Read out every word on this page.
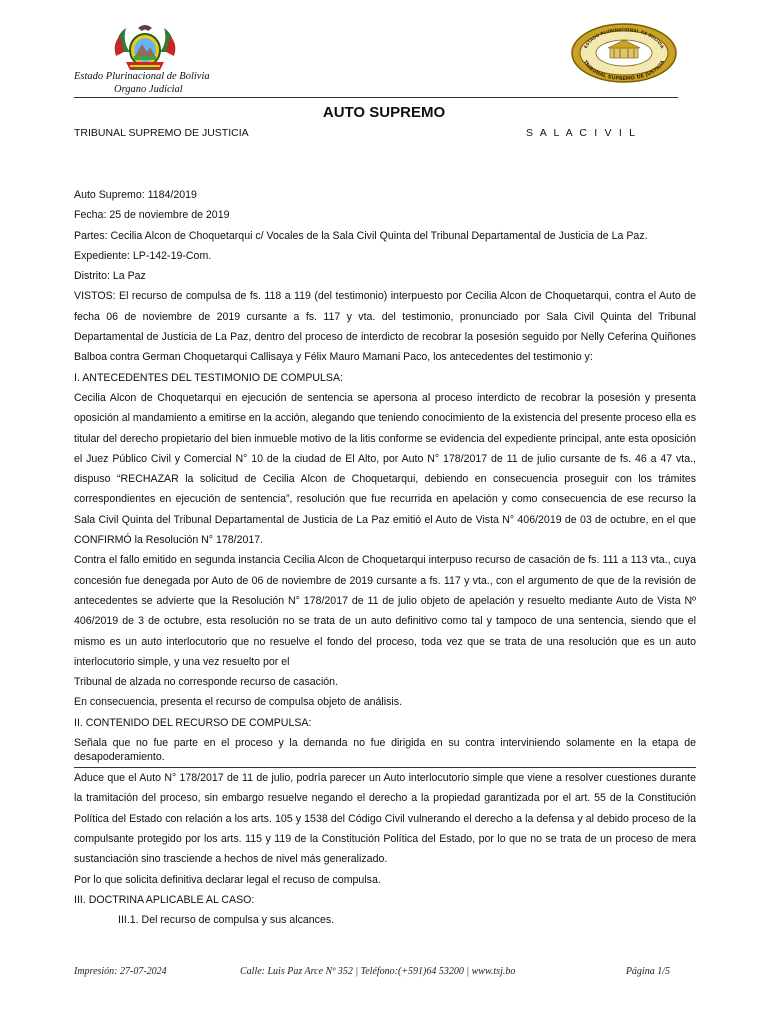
Estado Plurinacional de Bolivia
Organo Judicial
ESTADO PLURINACIONAL DE BOLIVIA
TRIBUNAL SUPREMO DE JUSTICIA
AUTO SUPREMO
TRIBUNAL SUPREMO DE JUSTICIA	S A L A C I V I L

Auto Supremo: 1184/2019

Fecha: 25 de noviembre de 2019

Partes: Cecilia Alcon de Choquetarqui c/ Vocales de la Sala Civil Quinta del Tribunal Departamental de Justicia de La Paz.

Expediente: LP-142-19-Com.

Distrito: La Paz

VISTOS: El recurso de compulsa de fs. 118 a 119 (del testimonio) interpuesto por Cecilia Alcon de Choquetarqui, contra el Auto de fecha 06 de noviembre de 2019 cursante a fs. 117 y vta. del testimonio, pronunciado por Sala Civil Quinta del Tribunal Departamental de Justicia de La Paz, dentro del proceso de interdicto de recobrar la posesión seguido por Nelly Ceferina Quiñones Balboa contra German Choquetarqui Callisaya y Félix Mauro Mamani Paco, los antecedentes del testimonio y:

I. ANTECEDENTES DEL TESTIMONIO DE COMPULSA:

Cecilia Alcon de Choquetarqui en ejecución de sentencia se apersona al proceso interdicto de recobrar la posesión y presenta oposición al mandamiento a emitirse en la acción, alegando que teniendo conocimiento de la existencia del presente proceso ella es titular del derecho propietario del bien inmueble motivo de la litis conforme se evidencia del expediente principal, ante esta oposición el Juez Público Civil y Comercial N° 10 de la ciudad de El Alto, por Auto N° 178/2017 de 11 de julio cursante de fs. 46 a 47 vta., dispuso “RECHAZAR la solicitud de Cecilia Alcon de Choquetarqui, debiendo en consecuencia proseguir con los trámites correspondientes en ejecución de sentencia”, resolución que fue recurrida en apelación y como consecuencia de ese recurso la Sala Civil Quinta del Tribunal Departamental de Justicia de La Paz emitió el Auto de Vista N° 406/2019 de 03 de octubre, en el que CONFIRMÓ la Resolución N° 178/2017.

Contra el fallo emitido en segunda instancia Cecilia Alcon de Choquetarqui interpuso recurso de casación de fs. 111 a 113 vta., cuya concesión fue denegada por Auto de 06 de noviembre de 2019 cursante a fs. 117 y vta., con el argumento de que de la revisión de antecedentes se advierte que la Resolución N° 178/2017 de 11 de julio objeto de apelación y resuelto mediante Auto de Vista Nº 406/2019 de 3 de octubre, esta resolución no se trata de un auto definitivo como tal y tampoco de una sentencia, siendo que el mismo es un auto interlocutorio que no resuelve el fondo del proceso, toda vez que se trata de una resolución que es un auto interlocutorio simple, y una vez resuelto por el

Tribunal de alzada no corresponde recurso de casación.

En consecuencia, presenta el recurso de compulsa objeto de análisis.

II. CONTENIDO DEL RECURSO DE COMPULSA:

Señala que no fue parte en el proceso y la demanda no fue dirigida en su contra interviniendo solamente en la etapa de desapoderamiento.

Aduce que el Auto N° 178/2017 de 11 de julio, podría parecer un Auto interlocutorio simple que viene a resolver cuestiones durante la tramitación del proceso, sin embargo resuelve negando el derecho a la propiedad garantizada por el art. 55 de la Constitución Política del Estado con relación a los arts. 105 y 1538 del Código Civil vulnerando el derecho a la defensa y al debido proceso de la compulsante protegido por los arts. 115 y 119 de la Constitución Política del Estado, por lo que no se trata de un proceso de mera sustanciación sino trasciende a hechos de nivel más generalizado.

Por lo que solicita definitiva declarar legal el recuso de compulsa.

III. DOCTRINA APLICABLE AL CASO:

III.1. Del recurso de compulsa y sus alcances.

Impresión: 27-07-2024	Calle: Luis Paz Arce Nº 352 | Teléfono:(+591)64 53200 | www.tsj.bo	Página 1/5
